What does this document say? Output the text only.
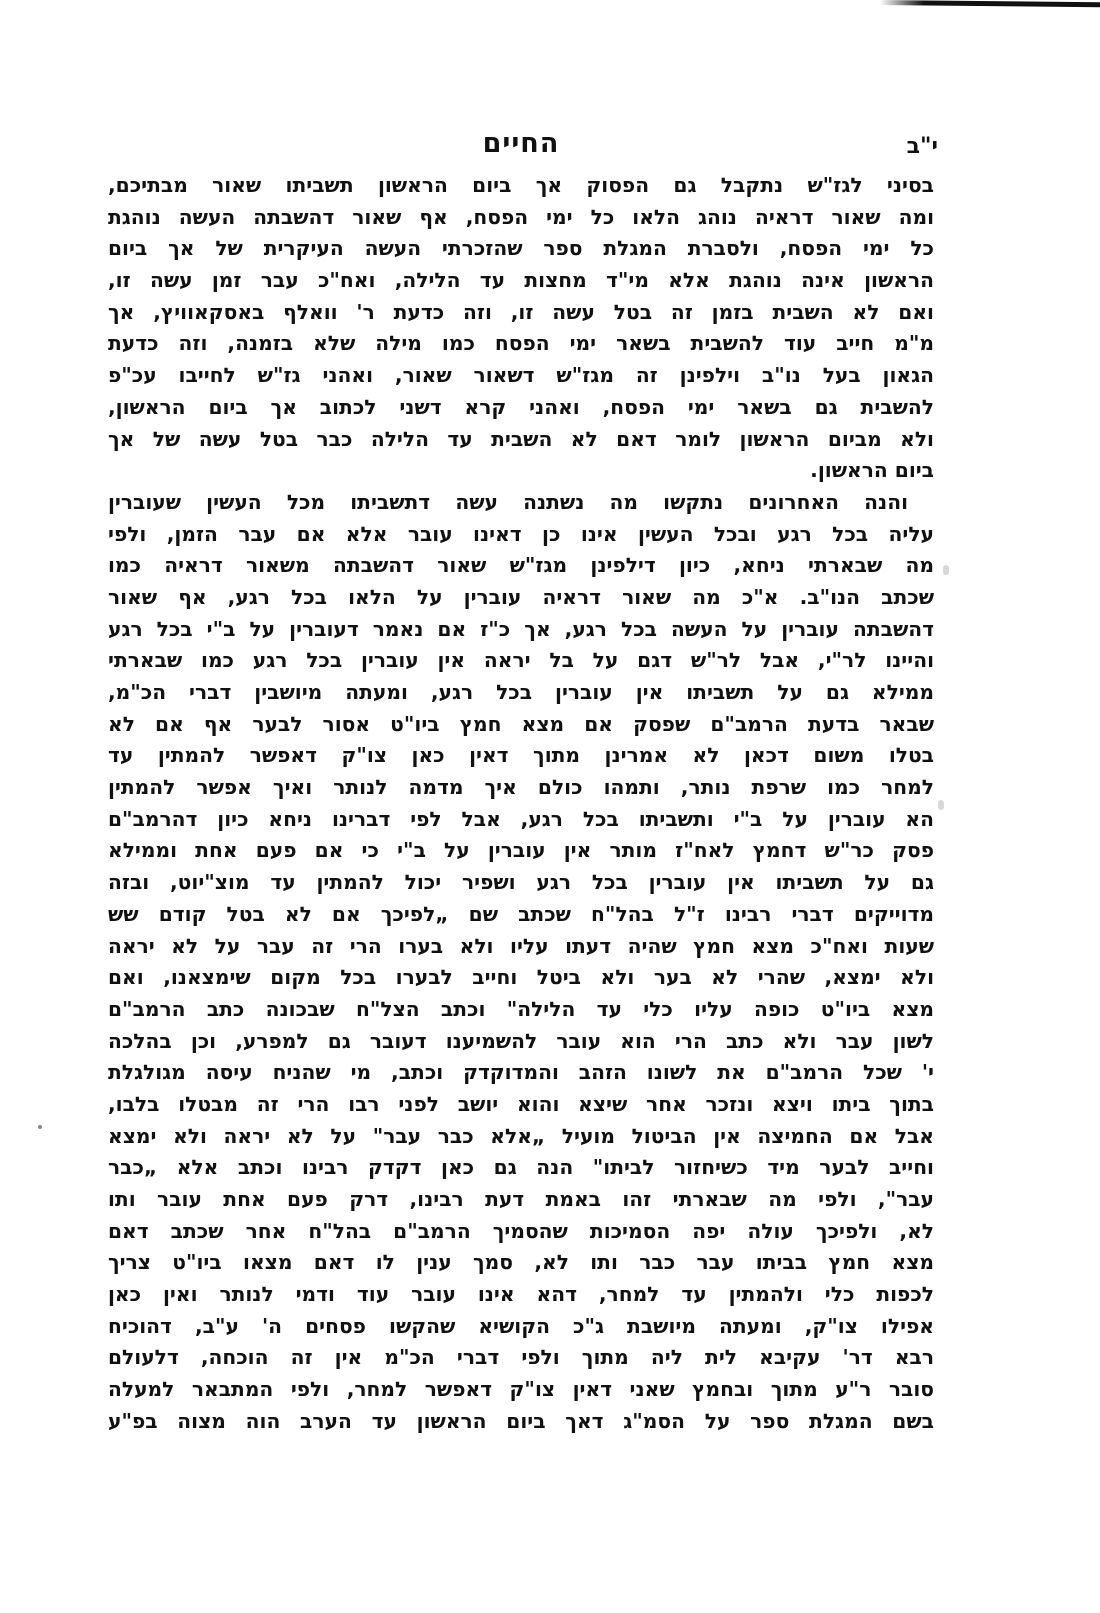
י"ב
החיים
בסיני לגז"ש נתקבל גם הפסוק אך ביום הראשון תשביתו שאור מבתיכם,
ומה שאור דראיה נוהג הלאו כל ימי הפסח, אף שאור דהשבתה העשה נוהגת
כל ימי הפסח, ולסברת המגלת ספר שהזכרתי העשה העיקרית של אך ביום
הראשון אינה נוהגת אלא מי"ד מחצות עד הלילה, ואח"כ עבר זמן עשה זו,
ואם לא השבית בזמן זה בטל עשה זו, וזה כדעת ר' וואלף באסקאוויץ, אך
מ"מ חייב עוד להשבית בשאר ימי הפסח כמו מילה שלא בזמנה, וזה כדעת
הגאון בעל נו"ב וילפינן זה מגז"ש דשאור שאור, ואהני גז"ש לחייבו עכ"פ
להשבית גם בשאר ימי הפסח, ואהני קרא דשני לכתוב אך ביום הראשון,
ולא מביום הראשון לומר דאם לא השבית עד הלילה כבר בטל עשה של אך
ביום הראשון.
והנה האחרונים נתקשו מה נשתנה עשה דתשביתו מכל העשין שעוברין
עליה בכל רגע ובכל העשין אינו כן דאינו עובר אלא אם עבר הזמן, ולפי
מה שבארתי ניחא, כיון דילפינן מגז"ש שאור דהשבתה משאור דראיה כמו
שכתב הנו"ב. א"כ מה שאור דראיה עוברין על הלאו בכל רגע, אף שאור
דהשבתה עוברין על העשה בכל רגע, אך כ"ז אם נאמר דעוברין על ב"י בכל רגע
והיינו לר"י, אבל לר"ש דגם על בל יראה אין עוברין בכל רגע כמו שבארתי
ממילא גם על תשביתו אין עוברין בכל רגע, ומעתה מיושבין דברי הכ"מ,
שבאר בדעת הרמב"ם שפסק אם מצא חמץ ביו"ט אסור לבער אף אם לא
בטלו משום דכאן לא אמרינן מתוך דאין כאן צו"ק דאפשר להמתין עד
למחר כמו שרפת נותר, ותמהו כולם איך מדמה לנותר ואיך אפשר להמתין
הא עוברין על ב"י ותשביתו בכל רגע, אבל לפי דברינו ניחא כיון דהרמב"ם
פסק כר"ש דחמץ לאח"ז מותר אין עוברין על ב"י כי אם פעם אחת וממילא
גם על תשביתו אין עוברין בכל רגע ושפיר יכול להמתין עד מוצ"יוט, ובזה
מדוייקים דברי רבינו ז"ל בהל"ח שכתב שם „לפיכך אם לא בטל קודם שש
שעות ואח"כ מצא חמץ שהיה דעתו עליו ולא בערו הרי זה עבר על לא יראה
ולא ימצא, שהרי לא בער ולא ביטל וחייב לבערו בכל מקום שימצאנו, ואם
מצא ביו"ט כופה עליו כלי עד הלילה" וכתב הצל"ח שבכונה כתב הרמב"ם
לשון עבר ולא כתב הרי הוא עובר להשמיענו דעובר גם למפרע, וכן בהלכה
י' שכל הרמב"ם את לשונו הזהב והמדוקדק וכתב, מי שהניח עיסה מגולגלת
בתוך ביתו ויצא ונזכר אחר שיצא והוא יושב לפני רבו הרי זה מבטלו בלבו,
אבל אם החמיצה אין הביטול מועיל „אלא כבר עבר" על לא יראה ולא ימצא
וחייב לבער מיד כשיחזור לביתו" הנה גם כאן דקדק רבינו וכתב אלא „כבר
עבר", ולפי מה שבארתי זהו באמת דעת רבינו, דרק פעם אחת עובר ותו
לא, ולפיכך עולה יפה הסמיכות שהסמיך הרמב"ם בהל"ח אחר שכתב דאם
מצא חמץ בביתו עבר כבר ותו לא, סמך ענין לו דאם מצאו ביו"ט צריך
לכפות כלי ולהמתין עד למחר, דהא אינו עובר עוד ודמי לנותר ואין כאן
אפילו צו"ק, ומעתה מיושבת ג"כ הקושיא שהקשו פסחים ה' ע"ב, דהוכיח
רבא דר' עקיבא לית ליה מתוך ולפי דברי הכ"מ אין זה הוכחה, דלעולם
סובר ר"ע מתוך ובחמץ שאני דאין צו"ק דאפשר למחר, ולפי המתבאר למעלה
בשם המגלת ספר על הסמ"ג דאך ביום הראשון עד הערב הוה מצוה בפ"ע
